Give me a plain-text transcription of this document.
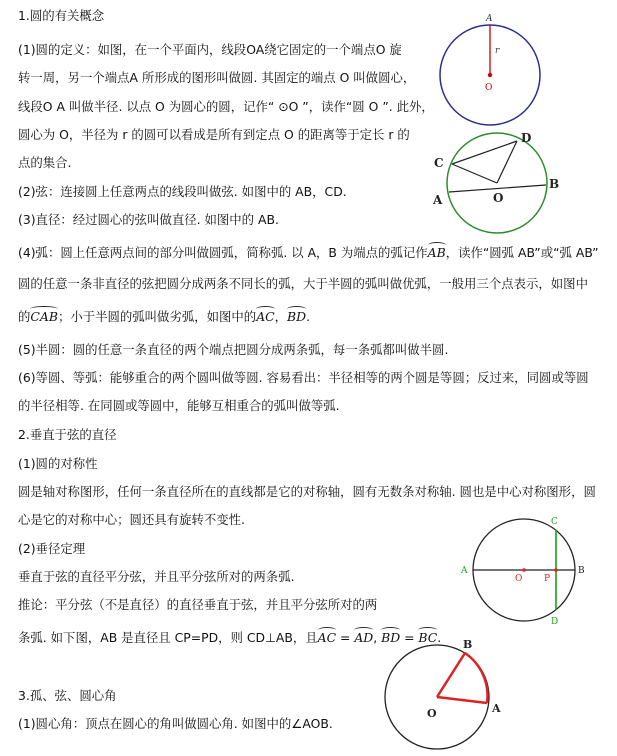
1.圆的有关概念
(1)圆的定义：如图，在一个平面内，线段OA绕它固定的一个端点O 旋
转一周，另一个端点A 所形成的图形叫做圆. 其固定的端点 O 叫做圆心，
线段O A 叫做半径. 以点 O 为圆心的圆，记作“ ⊙O ”，读作“圆 O ”. 此外，
圆心为 O，半径为 r 的圆可以看成是所有到定点 O 的距离等于定长 r 的
点的集合.
(2)弦：连接圆上任意两点的线段叫做弦. 如图中的 AB，CD.
(3)直径：经过圆心的弦叫做直径. 如图中的 AB.
(4)弧：圆上任意两点间的部分叫做圆弧，简称弧. 以 A，B 为端点的弧记作AB，读作“圆弧 AB”或“弧 AB”
圆的任意一条非直径的弦把圆分成两条不同长的弧，大于半圆的弧叫做优弧，一般用三个点表示，如图中
的CAB；小于半圆的弧叫做劣弧，如图中的AC，BD.
(5)半圆：圆的任意一条直径的两个端点把圆分成两条弧，每一条弧都叫做半圆.
(6)等圆、等弧：能够重合的两个圆叫做等圆. 容易看出：半径相等的两个圆是等圆；反过来，同圆或等圆
的半径相等. 在同圆或等圆中，能够互相重合的弧叫做等弧.
2.垂直于弦的直径
(1)圆的对称性
圆是轴对称图形，任何一条直径所在的直线都是它的对称轴，圆有无数条对称轴. 圆也是中心对称图形，圆
心是它的对称中心；圆还具有旋转不变性.
(2)垂径定理
垂直于弦的直径平分弦，并且平分弦所对的两条弧.
推论：平分弦（不是直径）的直径垂直于弦，并且平分弦所对的两
条弧. 如下图，AB 是直径且 CP=PD，则 CD⊥AB，且AC = AD, BD = BC.
3.孤、弦、圆心角
(1)圆心角：顶点在圆心的角叫做圆心角. 如图中的∠AOB.
A
r
O
C
D
A
B
O
C
D
A	B
O P
B
O	A
